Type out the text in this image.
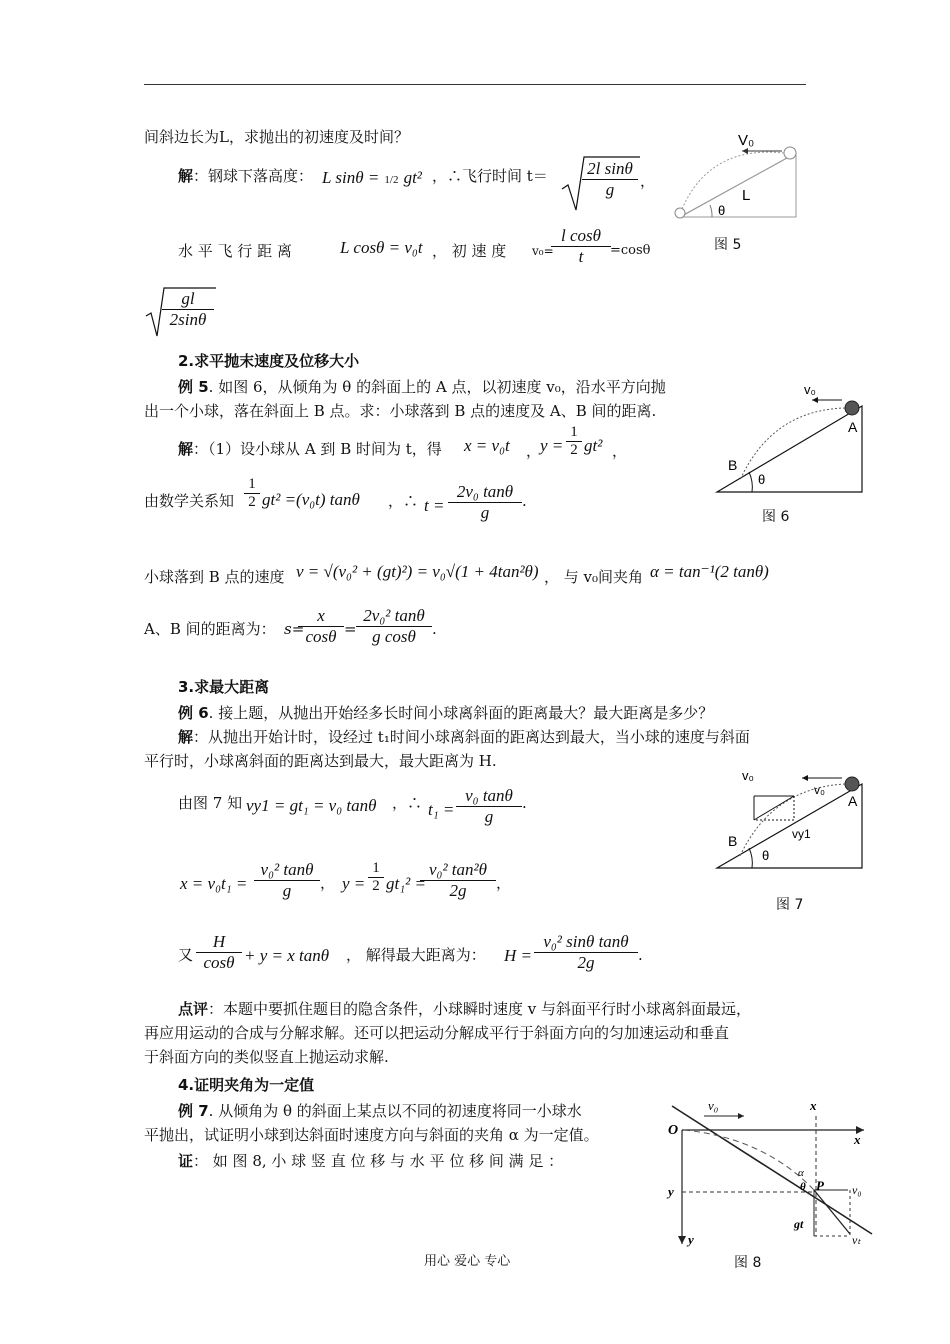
间斜边长为L，求抛出的初速度及时间？
解：钢球下落高度： L sinθ = 1/2 gt² ，∴飞行时间 $t= \frac{\text{2l sinθ}}{g}$ ，
水 平 飞 行 距 离	L cosθ = v₀t ， 初 速 度 v₀=
$\frac{\text{l cosθ}}{t} =\cos\theta$
$\frac{gl}{2\sin\theta}$
V₀
L
θ
图 5
2.求平抛末速度及位移大小
例 5. 如图 6，从倾角为 θ 的斜面上的 A 点，以初速度 v₀，沿水平方向抛
出一个小球，落在斜面上 B 点。求：小球落到 B 点的速度及 A、B 间的距离.
解：（1）设小球从 A 到 B 时间为 t，得 x = v₀t ，
$y = \frac{1}{2} gt^2$ ，
由数学关系知 $\frac{1}{2} gt^2 =(v_0t)$ tanθ ，∴ $t = \frac{\text{2v₀ tanθ}}{g}$ .
小球落到 B 点的速度 v = √(v₀² + (gt)²) = v₀√(1 + 4tan²θ) ， 与 v₀间夹角 α = tan⁻¹(2 tanθ)
A、B 间的距离为： s=
$\frac{x}{\cos\theta} = \frac{\text{2v₀² tanθ}}{\text{g cosθ}}$ .
v₀
A
B
θ
图 6
3.求最大距离
例 6. 接上题，从抛出开始经多长时间小球离斜面的距离最大？最大距离是多少？
解：从抛出开始计时，设经过 t₁时间小球离斜面的距离达到最大，当小球的速度与斜面
平行时，小球离斜面的距离达到最大，最大距离为 H.
由图 7 知 vy1 = gt₁ = v₀ tanθ ，∴ $t_1 = \frac{\text{v₀ tanθ}}{g}$ .
$x = v_0t_1 = \frac{\text{v₀² tanθ}}{g}$ ， $y = \frac{1}{2} gt_1^2$ =
$\frac{\text{v₀² tan²θ}}{2g}$ ，
又 $\frac{H}{\cos\theta} + y = x$ tanθ ， 解得最大距离为： $H = \frac{\text{v₀² sinθ tanθ}}{2g}$ .
点评：本题中要抓住题目的隐含条件，小球瞬时速度 v 与斜面平行时小球离斜面最远，
再应用运动的合成与分解求解。还可以把运动分解成平行于斜面方向的匀加速运动和垂直
于斜面方向的类似竖直上抛运动求解.
v₀
v₀
vy1
A
B
θ
图 7
4.证明夹角为一定值
例 7. 从倾角为 θ 的斜面上某点以不同的初速度将同一小球水
平抛出，试证明小球到达斜面时速度方向与斜面的夹角 α 为一定值。
证： 如 图 8, 小 球 竖 直 位 移 与 水 平 位 移 间 满 足 ：
O
v₀	x
x
y
y
P v₀
gt
vₜ
α
θ
图 8
用心 爱心 专心
